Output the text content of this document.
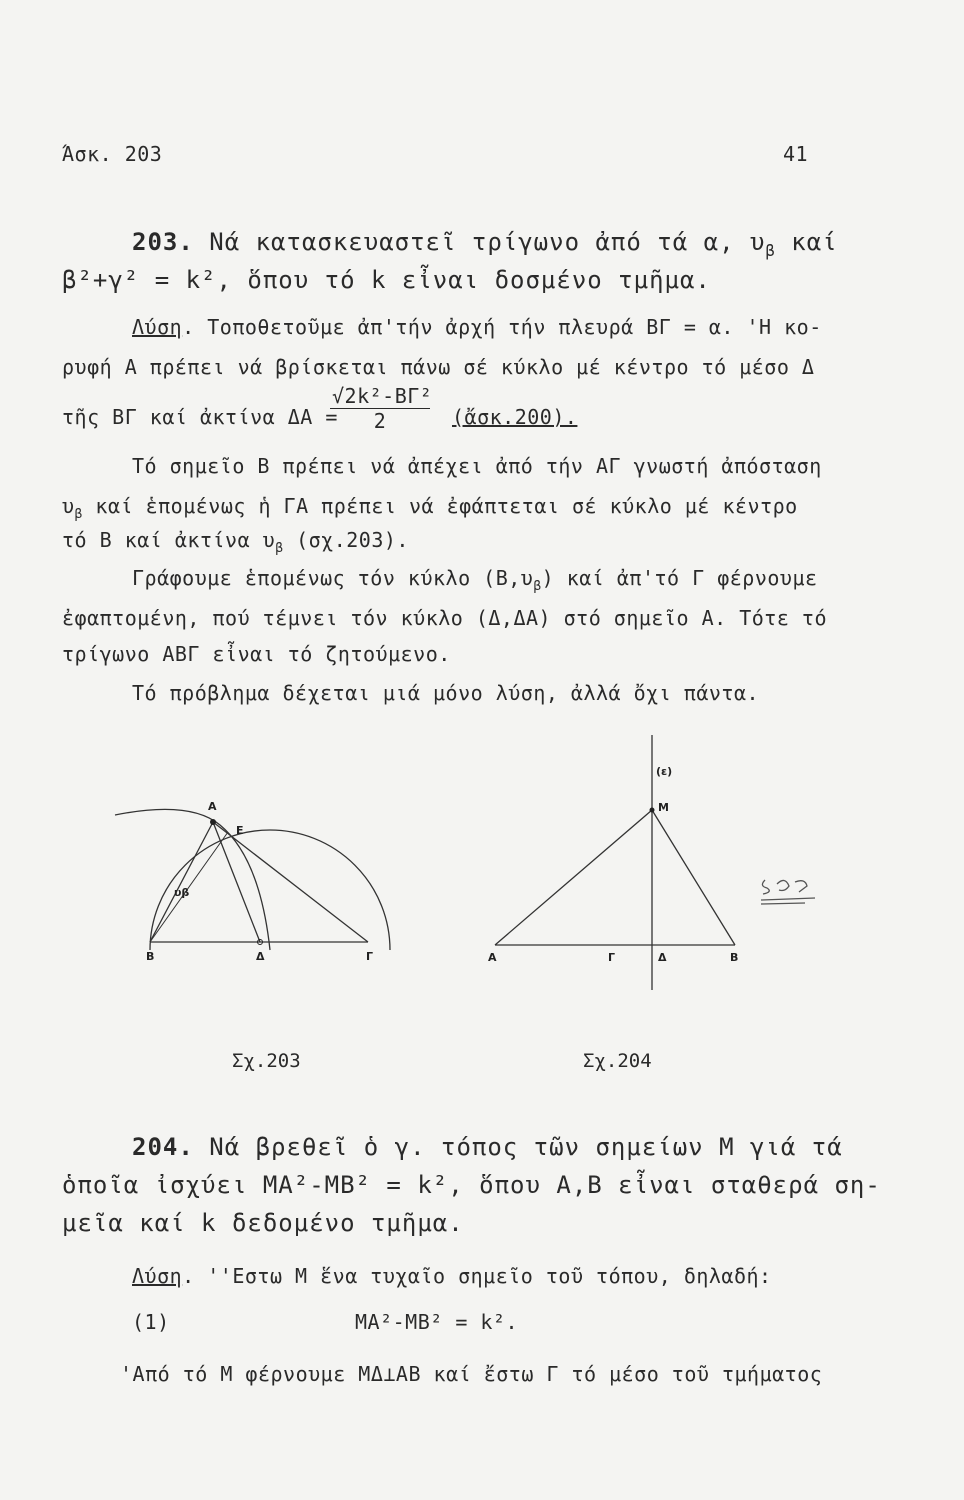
Άσκ. 203	41
203. Νά κατασκευαστεῖ τρίγωνο ἀπό τά α, $\upsilon_\beta$ καί
β²+γ² = k², ὅπου τό k εἶναι δοσμένο τμῆμα.
Λύση. Τοποθετοῦμε ἀπ'τήν ἀρχή τήν πλευρά ΒΓ = α. 'Η κο-
ρυφή Α πρέπει νά βρίσκεται πάνω σέ κύκλο μέ κέντρο τό μέσο Δ
τῆς ΒΓ καί ἀκτίνα ΔΑ =
$\frac{\text{√2k²-ΒΓ²}}{2}$ (ἄσκ.200).
Τό σημεῖο Β πρέπει νά ἀπέχει ἀπό τήν ΑΓ γνωστή ἀπόσταση
$\upsilon_\beta$ καί ἑπομένως ἡ ΓΑ πρέπει νά ἐφάπτεται σέ κύκλο μέ κέντρο
τό Β καί ἀκτίνα $\upsilon_\beta$ (σχ.203).
Γράφουμε ἑπομένως τόν κύκλο $(B,\upsilon_\beta)$ καί ἀπ'τό Γ φέρνουμε
ἐφαπτομένη, πού τέμνει τόν κύκλο (Δ,ΔΑ) στό σημεῖο Α. Τότε τό
τρίγωνο ΑΒΓ εἶναι τό ζητούμενο.
Τό πρόβλημα δέχεται μιά μόνο λύση, ἀλλά ὄχι πάντα.
Α
Ε
υβ
Β	Δ	Γ
(ε)
Μ
Α	Γ	Δ	Β
Σχ.203	Σχ.204
204. Νά βρεθεῖ ὁ γ. τόπος τῶν σημείων Μ γιά τά
ὁποῖα ἰσχύει ΜΑ²-ΜΒ² = k², ὅπου Α,Β εἶναι σταθερά ση-
μεῖα καί k δεδομένο τμῆμα.
Λύση. ''Εστω Μ ἕνα τυχαῖο σημεῖο τοῦ τόπου, δηλαδή:
(1)	ΜΑ²-ΜΒ² = k².
'Από τό Μ φέρνουμε ΜΔ⊥ΑΒ καί ἔστω Γ τό μέσο τοῦ τμήματος
